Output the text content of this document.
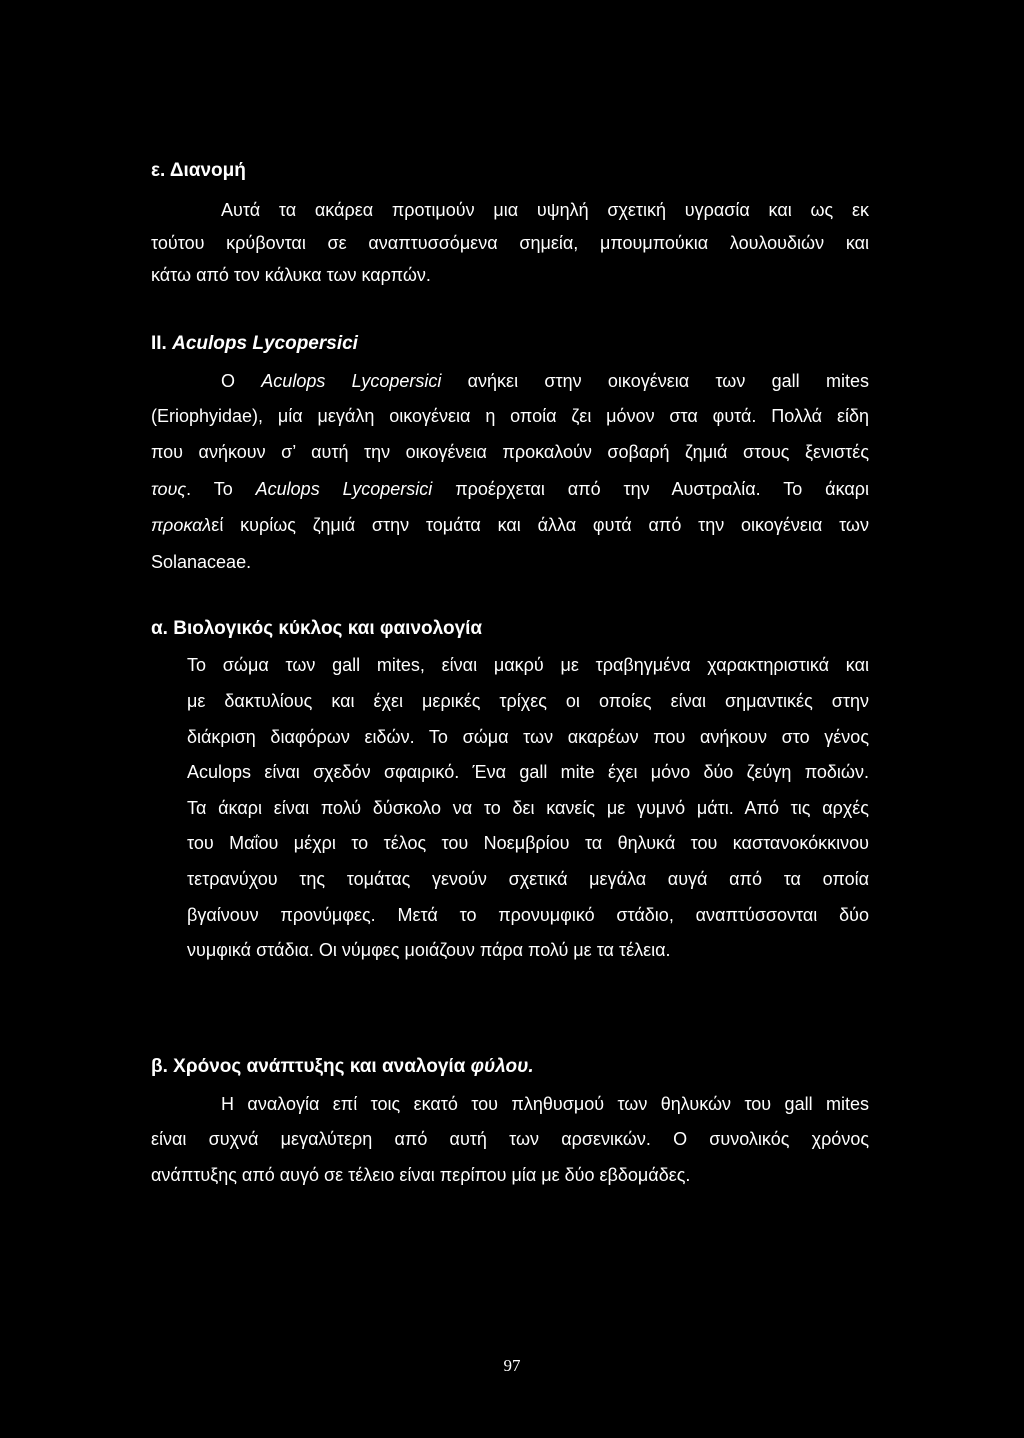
ε. Διανομή
Αυτά τα ακάρεα προτιμούν μια υψηλή σχετική υγρασία και ως εκ
τούτου κρύβονται σε αναπτυσσόμενα σημεία, μπουμπούκια λουλουδιών και
κάτω από τον κάλυκα των καρπών.
II. Aculops Lycopersici
Ο Aculops Lycopersici ανήκει στην οικογένεια των gall mites
(Eriophyidae), μία μεγάλη οικογένεια η οποία ζει μόνον στα φυτά. Πολλά είδη
που ανήκουν σ’ αυτή την οικογένεια προκαλούν σοβαρή ζημιά στους ξενιστές
τους. Το Aculops Lycopersici προέρχεται από την Αυστραλία. Το άκαρι
προκαλεί κυρίως ζημιά στην τομάτα και άλλα φυτά από την οικογένεια των
Solanaceae.
α. Βιολογικός κύκλος και φαινολογία
Το σώμα των gall mites, είναι μακρύ με τραβηγμένα χαρακτηριστικά και
με δακτυλίους και έχει μερικές τρίχες οι οποίες είναι σημαντικές στην
διάκριση διαφόρων ειδών. Το σώμα των ακαρέων που ανήκουν στο γένος
Aculops είναι σχεδόν σφαιρικό. Ένα gall mite έχει μόνο δύο ζεύγη ποδιών.
Τα άκαρι είναι πολύ δύσκολο να το δει κανείς με γυμνό μάτι. Από τις αρχές
του Μαΐου μέχρι το τέλος του Νοεμβρίου τα θηλυκά του καστανοκόκκινου
τετρανύχου της τομάτας γενούν σχετικά μεγάλα αυγά από τα οποία
βγαίνουν προνύμφες. Μετά το προνυμφικό στάδιο, αναπτύσσονται δύο
νυμφικά στάδια. Οι νύμφες μοιάζουν πάρα πολύ με τα τέλεια.
β. Χρόνος ανάπτυξης και αναλογία φύλου.
Η αναλογία επί τοις εκατό του πληθυσμού των θηλυκών του gall mites
είναι συχνά μεγαλύτερη από αυτή των αρσενικών. Ο συνολικός χρόνος
ανάπτυξης από αυγό σε τέλειο είναι περίπου μία με δύο εβδομάδες.
97
